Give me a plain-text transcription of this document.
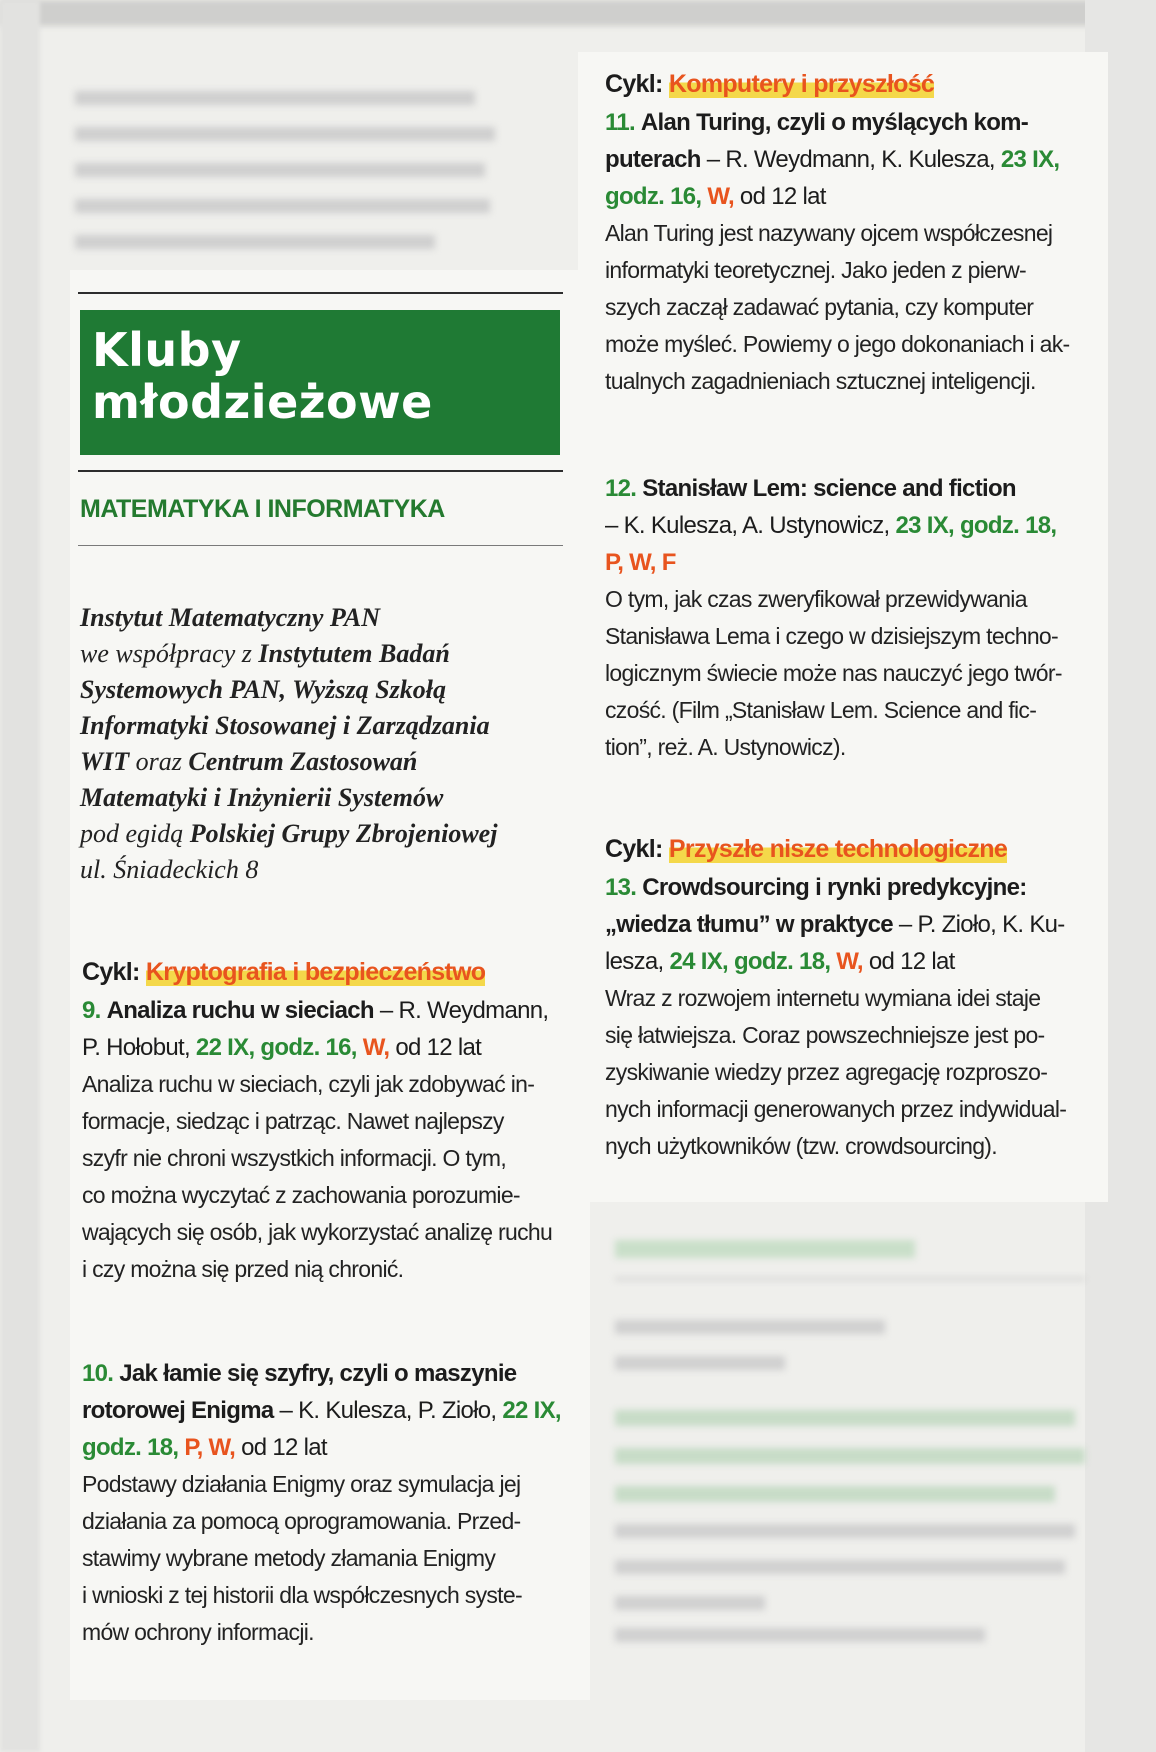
Kluby
młodzieżowe
MATEMATYKA I INFORMATYKA
Instytut Matematyczny PAN
we współpracy z Instytutem Badań
Systemowych PAN, Wyższą Szkołą
Informatyki Stosowanej i Zarządzania
WIT oraz Centrum Zastosowań
Matematyki i Inżynierii Systemów
pod egidą Polskiej Grupy Zbrojeniowej
ul. Śniadeckich 8
Cykl: Kryptografia i bezpieczeństwo
9. Analiza ruchu w sieciach – R. Weydmann,
P. Hołobut, 22 IX, godz. 16, W, od 12 lat
Analiza ruchu w sieciach, czyli jak zdobywać in-
formacje, siedząc i patrząc. Nawet najlepszy
szyfr nie chroni wszystkich informacji. O tym,
co można wyczytać z zachowania porozumie-
wających się osób, jak wykorzystać analizę ruchu
i czy można się przed nią chronić.
10. Jak łamie się szyfry, czyli o maszynie
rotorowej Enigma – K. Kulesza, P. Zioło, 22 IX,
godz. 18, P, W, od 12 lat
Podstawy działania Enigmy oraz symulacja jej
działania za pomocą oprogramowania. Przed-
stawimy wybrane metody złamania Enigmy
i wnioski z tej historii dla współczesnych syste-
mów ochrony informacji.
Cykl: Komputery i przyszłość
11. Alan Turing, czyli o myślących kom-
puterach – R. Weydmann, K. Kulesza, 23 IX,
godz. 16, W, od 12 lat
Alan Turing jest nazywany ojcem współczesnej
informatyki teoretycznej. Jako jeden z pierw-
szych zaczął zadawać pytania, czy komputer
może myśleć. Powiemy o jego dokonaniach i ak-
tualnych zagadnieniach sztucznej inteligencji.
12. Stanisław Lem: science and fiction
– K. Kulesza, A. Ustynowicz, 23 IX, godz. 18,
P, W, F
O tym, jak czas zweryfikował przewidywania
Stanisława Lema i czego w dzisiejszym techno-
logicznym świecie może nas nauczyć jego twór-
czość. (Film „Stanisław Lem. Science and fic-
tion”, reż. A. Ustynowicz).
Cykl: Przyszłe nisze technologiczne
13. Crowdsourcing i rynki predykcyjne:
„wiedza tłumu” w praktyce – P. Zioło, K. Ku-
lesza, 24 IX, godz. 18, W, od 12 lat
Wraz z rozwojem internetu wymiana idei staje
się łatwiejsza. Coraz powszechniejsze jest po-
zyskiwanie wiedzy przez agregację rozproszo-
nych informacji generowanych przez indywidual-
nych użytkowników (tzw. crowdsourcing).
